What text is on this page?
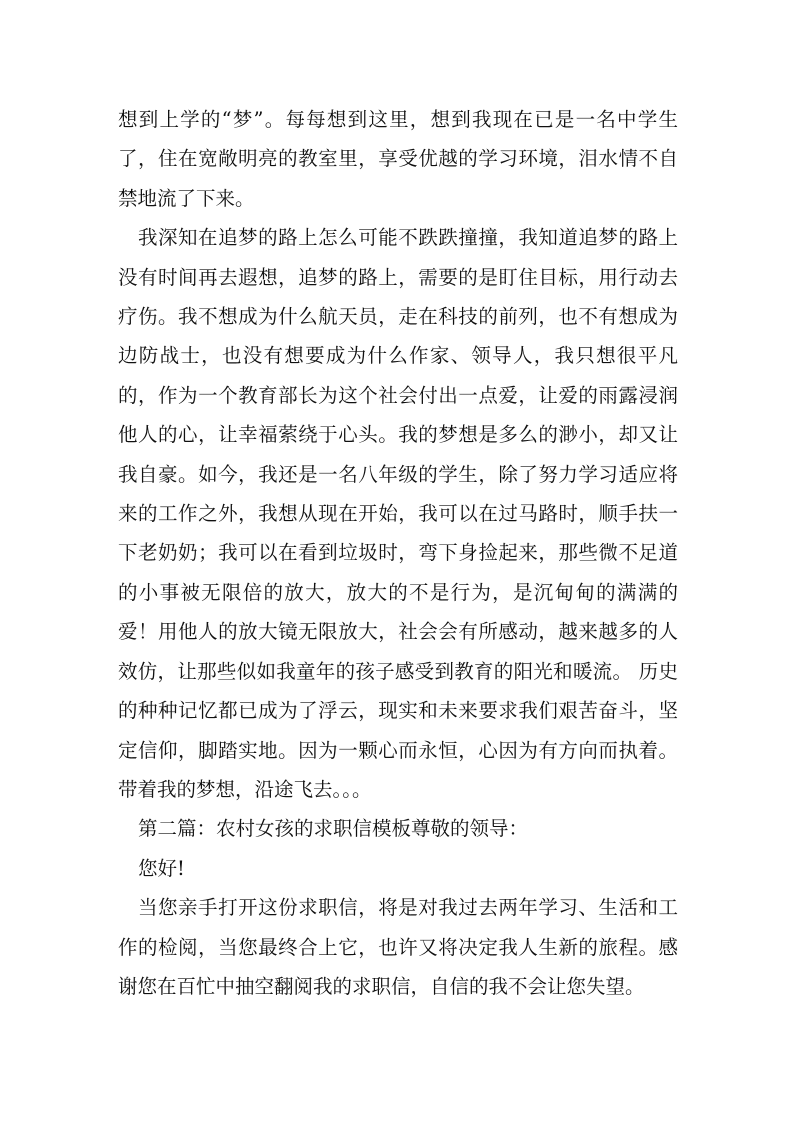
想到上学的“梦”。每每想到这里，想到我现在已是一名中学生了，住在宽敞明亮的教室里，享受优越的学习环境，泪水情不自禁地流了下来。

我深知在追梦的路上怎么可能不跌跌撞撞，我知道追梦的路上没有时间再去遐想，追梦的路上，需要的是盯住目标，用行动去疗伤。我不想成为什么航天员，走在科技的前列，也不有想成为边防战士，也没有想要成为什么作家、领导人，我只想很平凡的，作为一个教育部长为这个社会付出一点爱，让爱的雨露浸润他人的心，让幸福萦绕于心头。我的梦想是多么的渺小，却又让我自豪。如今，我还是一名八年级的学生，除了努力学习适应将来的工作之外，我想从现在开始，我可以在过马路时，顺手扶一下老奶奶；我可以在看到垃圾时，弯下身捡起来，那些微不足道的小事被无限倍的放大，放大的不是行为，是沉甸甸的满满的爱！用他人的放大镜无限放大，社会会有所感动，越来越多的人效仿，让那些似如我童年的孩子感受到教育的阳光和暖流。 历史的种种记忆都已成为了浮云，现实和未来要求我们艰苦奋斗，坚定信仰，脚踏实地。因为一颗心而永恒，心因为有方向而执着。带着我的梦想，沿途飞去。。。

第二篇：农村女孩的求职信模板尊敬的领导：

您好!

当您亲手打开这份求职信，将是对我过去两年学习、生活和工作的检阅，当您最终合上它，也许又将决定我人生新的旅程。感谢您在百忙中抽空翻阅我的求职信，自信的我不会让您失望。
